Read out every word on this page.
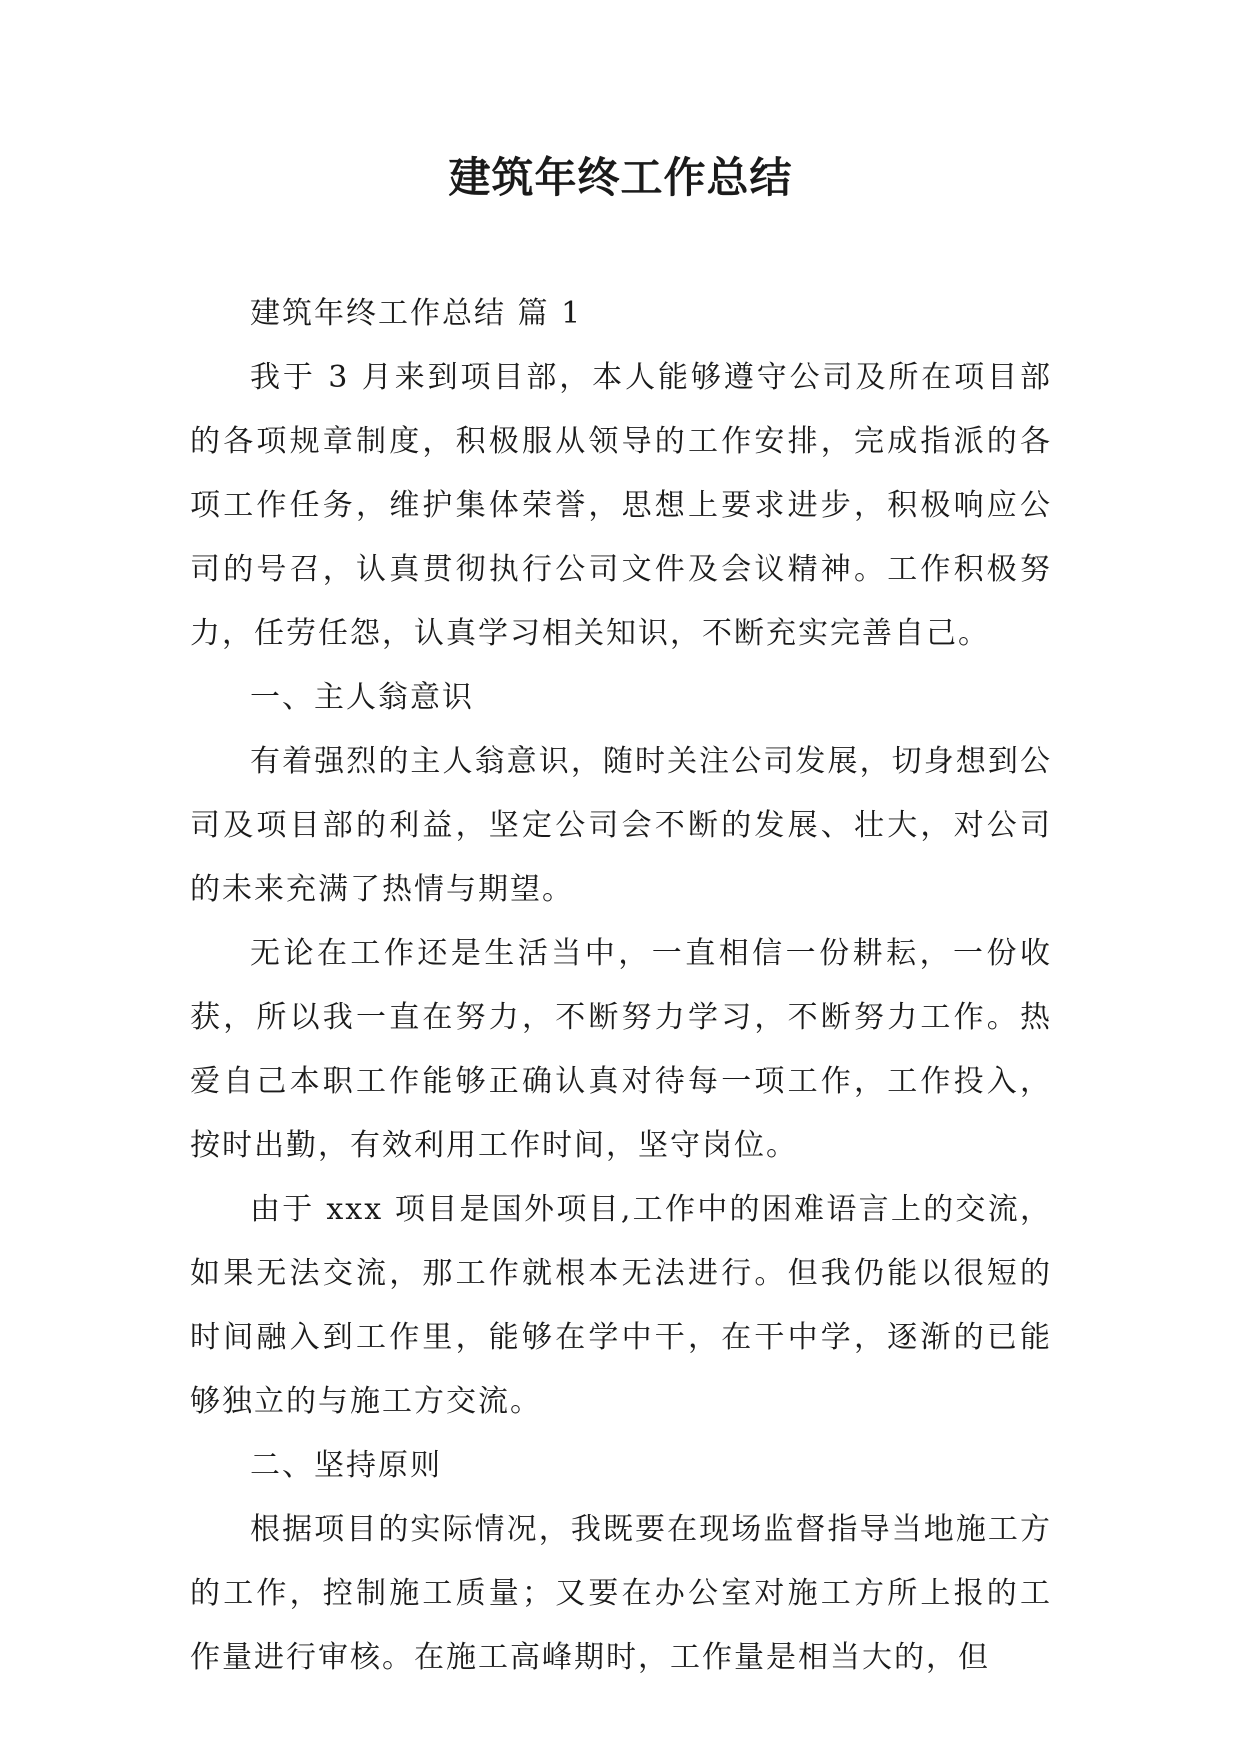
建筑年终工作总结

建筑年终工作总结 篇 1

我于 3 月来到项目部，本人能够遵守公司及所在项目部的各项规章制度，积极服从领导的工作安排，完成指派的各项工作任务，维护集体荣誉，思想上要求进步，积极响应公司的号召，认真贯彻执行公司文件及会议精神。工作积极努力，任劳任怨，认真学习相关知识，不断充实完善自己。

一、主人翁意识

有着强烈的主人翁意识，随时关注公司发展，切身想到公司及项目部的利益，坚定公司会不断的发展、壮大，对公司的未来充满了热情与期望。

无论在工作还是生活当中，一直相信一份耕耘，一份收获，所以我一直在努力，不断努力学习，不断努力工作。热爱自己本职工作能够正确认真对待每一项工作，工作投入，按时出勤，有效利用工作时间，坚守岗位。

由于 xxx 项目是国外项目,工作中的困难语言上的交流，如果无法交流，那工作就根本无法进行。但我仍能以很短的时间融入到工作里，能够在学中干，在干中学，逐渐的已能够独立的与施工方交流。

二、坚持原则

根据项目的实际情况，我既要在现场监督指导当地施工方的工作，控制施工质量；又要在办公室对施工方所上报的工作量进行审核。在施工高峰期时，工作量是相当大的，但
